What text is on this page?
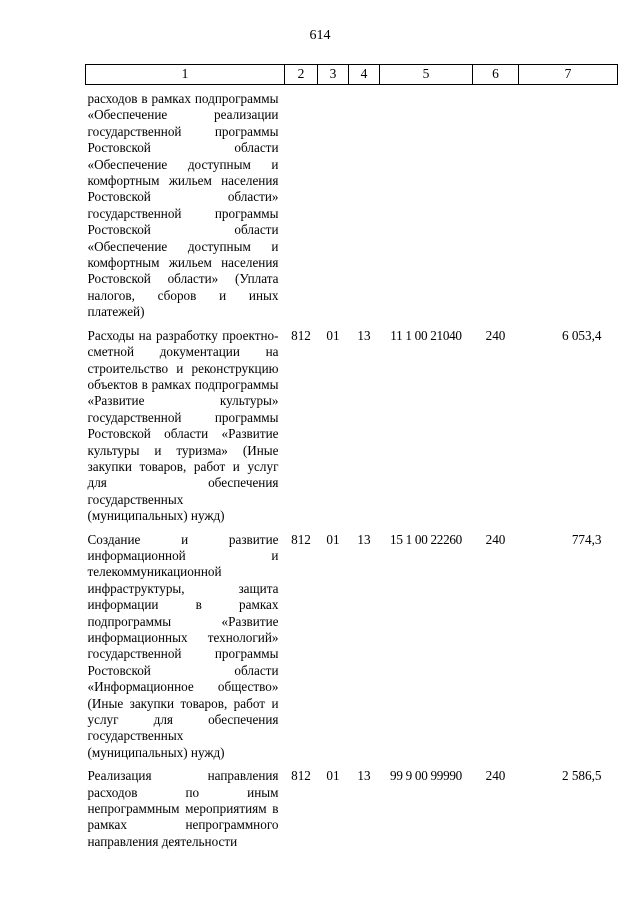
614
1	2	3	4	5	6	7
расходов в рамках подпрограммы «Обеспечение реализации государственной программы Ростовской области «Обеспечение доступным и комфортным жильем населения Ростовской области» государственной программы Ростовской области «Обеспечение доступным и комфортным жильем населения Ростовской области» (Уплата налогов, сборов и иных платежей)						
Расходы на разработку проектно-сметной документации на строительство и реконструкцию объектов в рамках подпрограммы «Развитие культуры» государственной программы Ростовской области «Развитие культуры и туризма» (Иные закупки товаров, работ и услуг для обеспечения государственных (муниципальных) нужд)	812	01	13	11 1 00 21040	240	6 053,4
Создание и развитие информационной и телекоммуникационной инфраструктуры, защита информации в рамках подпрограммы «Развитие информационных технологий» государственной программы Ростовской области «Информационное общество» (Иные закупки товаров, работ и услуг для обеспечения государственных (муниципальных) нужд)	812	01	13	15 1 00 22260	240	774,3
Реализация направления расходов по иным непрограммным мероприятиям в рамках непрограммного направления деятельности	812	01	13	99 9 00 99990	240	2 586,5
